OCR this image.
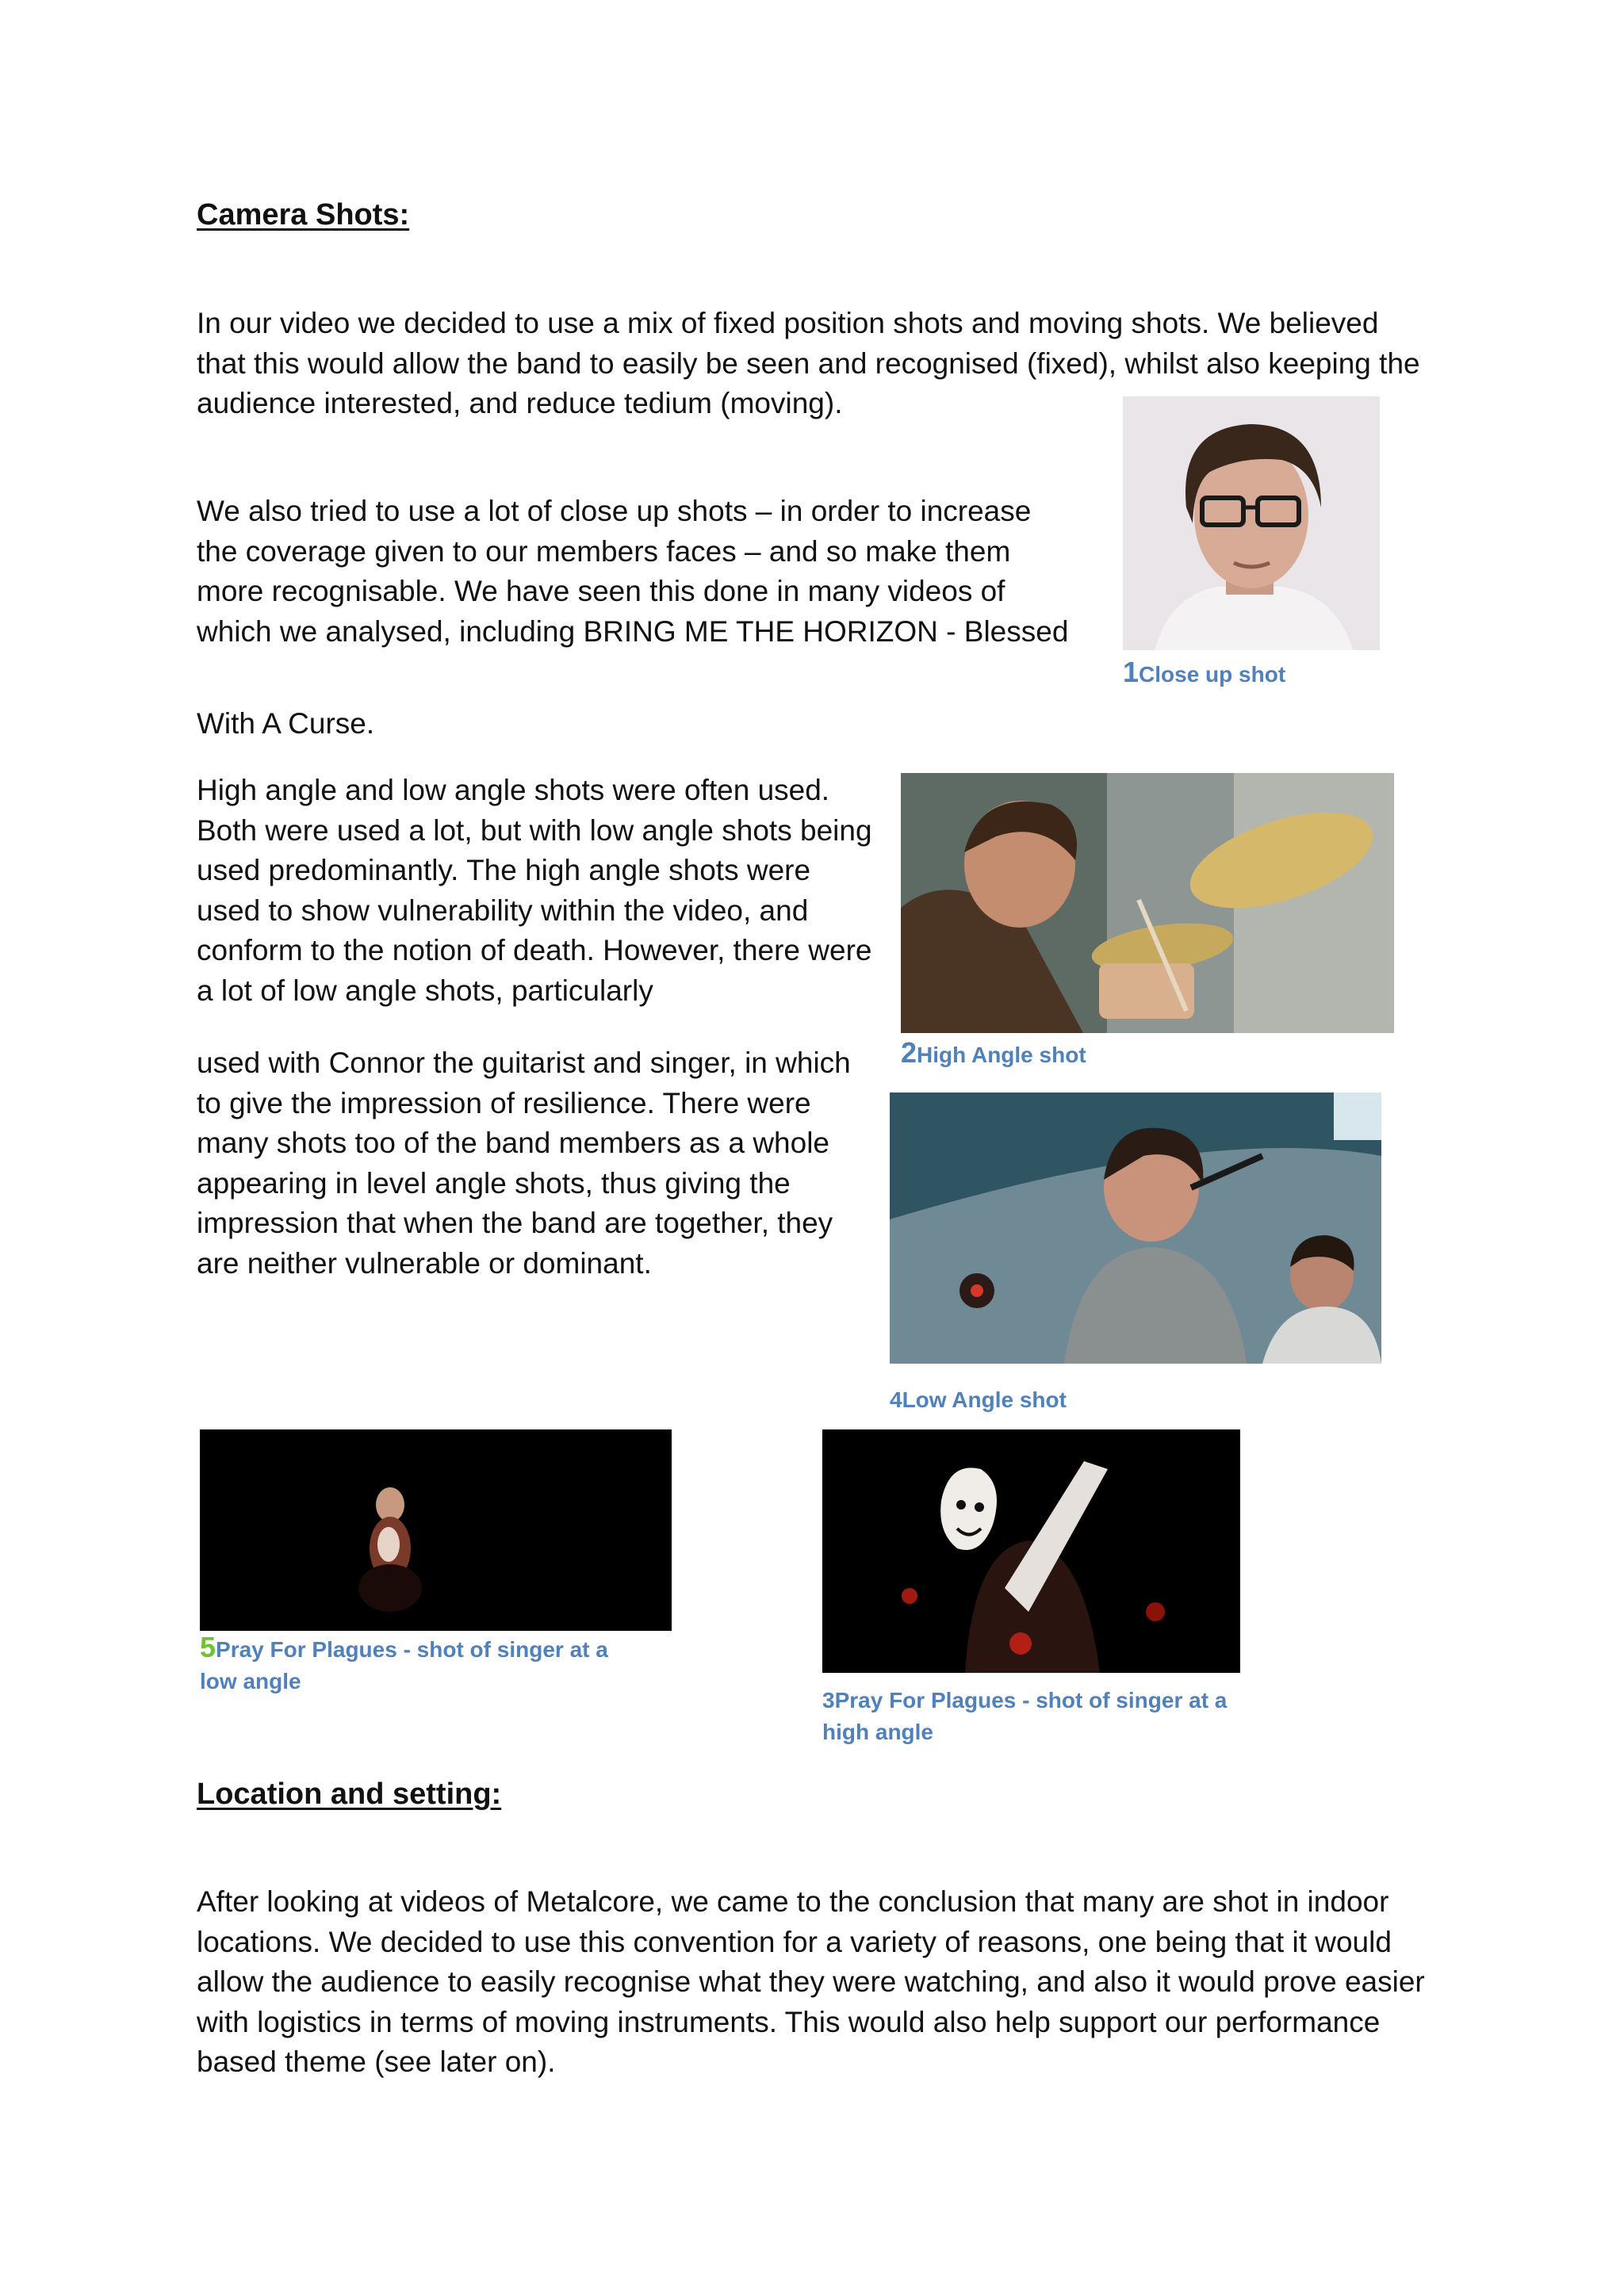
Camera Shots:
In our video we decided to use a mix of fixed position shots and moving shots. We believed that this would allow the band to easily be seen and recognised (fixed), whilst also keeping the audience interested, and reduce tedium (moving).
We also tried to use a lot of close up shots – in order to increase the coverage given to our members faces – and so make them more recognisable. We have seen this done in many videos of which we analysed, including BRING ME THE HORIZON - Blessed
With A Curse.
1Close up shot
High angle and low angle shots were often used. Both were used a lot, but with low angle shots being used predominantly. The high angle shots were used to show vulnerability within the video, and conform to the notion of death. However, there were a lot of low angle shots, particularly
2High Angle shot
used with Connor the guitarist and singer, in which to give the impression of resilience. There were many shots too of the band members as a whole appearing in level angle shots, thus giving the impression that when the band are together, they are neither vulnerable or dominant.
4Low Angle shot
5Pray For Plagues - shot of singer at a low angle
3Pray For Plagues - shot of singer at a high angle
Location and setting:
After looking at videos of Metalcore, we came to the conclusion that many are shot in indoor locations. We decided to use this convention for a variety of reasons, one being that it would allow the audience to easily recognise what they were watching, and also it would prove easier with logistics in terms of moving instruments. This would also help support our performance based theme (see later on).
